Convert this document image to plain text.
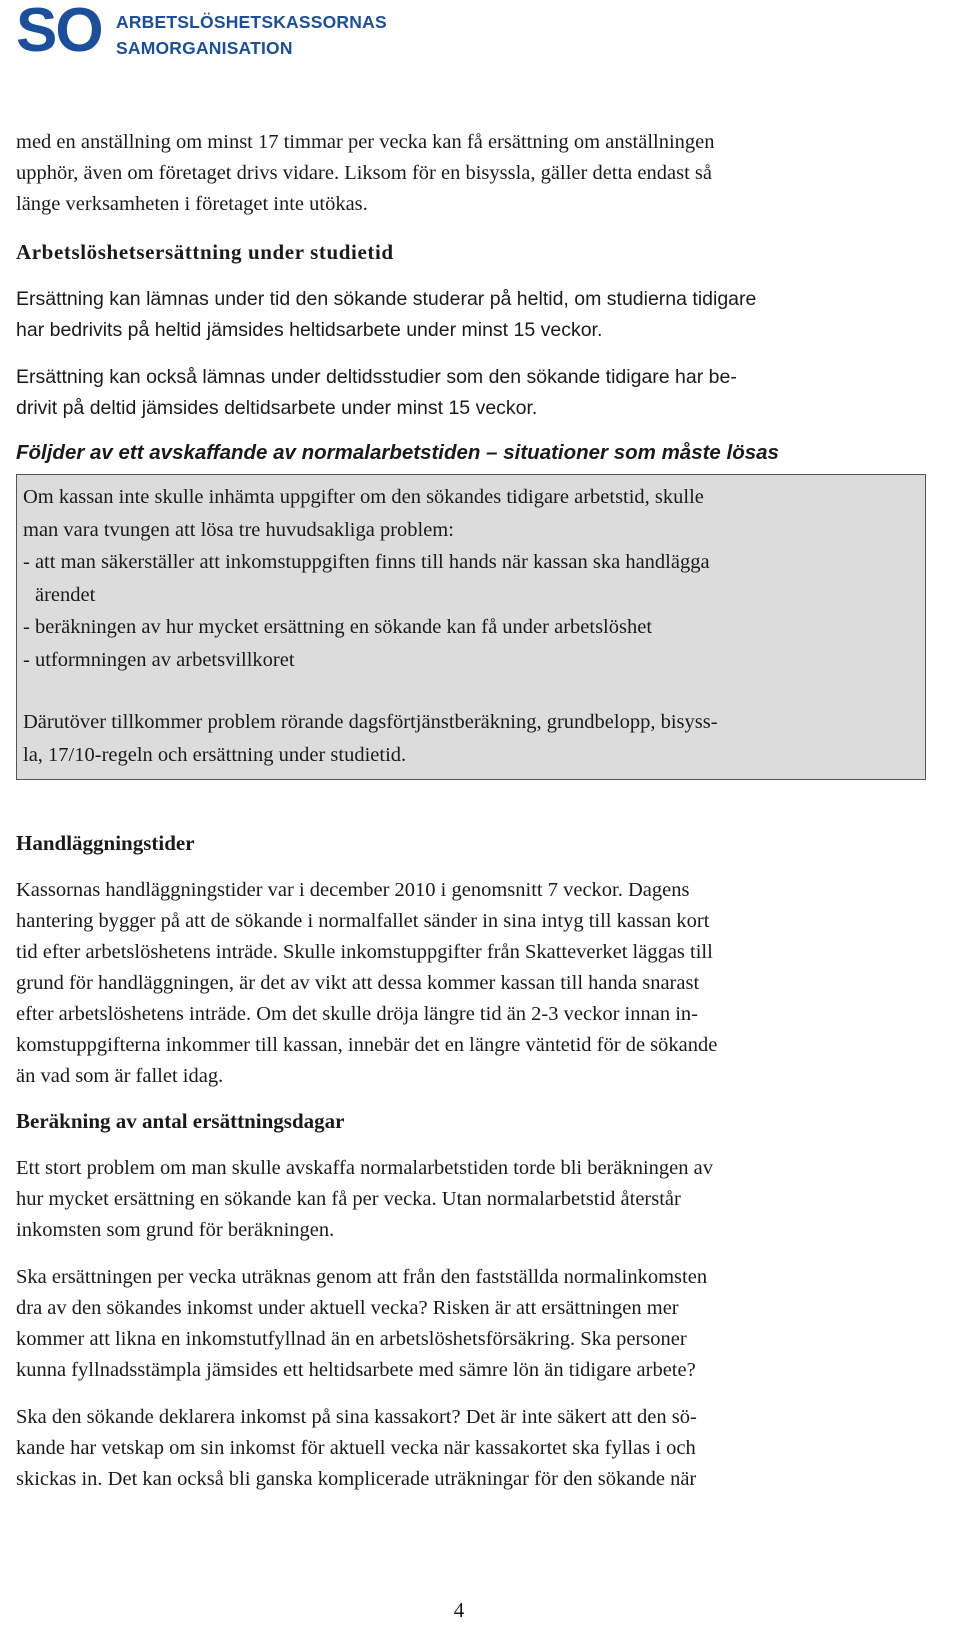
SO ARBETSLÖSHETSKASSORNAS
SAMORGANISATION
med en anställning om minst 17 timmar per vecka kan få ersättning om anställningen
upphör, även om företaget drivs vidare. Liksom för en bisyssla, gäller detta endast så
länge verksamheten i företaget inte utökas.
Arbetslöshetsersättning under studietid
Ersättning kan lämnas under tid den sökande studerar på heltid, om studierna tidigare
har bedrivits på heltid jämsides heltidsarbete under minst 15 veckor.
Ersättning kan också lämnas under deltidsstudier som den sökande tidigare har be-
drivit på deltid jämsides deltidsarbete under minst 15 veckor.
Följder av ett avskaffande av normalarbetstiden – situationer som måste lösas
Om kassan inte skulle inhämta uppgifter om den sökandes tidigare arbetstid, skulle
man vara tvungen att lösa tre huvudsakliga problem:
- att man säkerställer att inkomstuppgiften finns till hands när kassan ska handlägga
ärendet
- beräkningen av hur mycket ersättning en sökande kan få under arbetslöshet
- utformningen av arbetsvillkoret
Därutöver tillkommer problem rörande dagsförtjänstberäkning, grundbelopp, bisyss-
la, 17/10-regeln och ersättning under studietid.
Handläggningstider
Kassornas handläggningstider var i december 2010 i genomsnitt 7 veckor. Dagens
hantering bygger på att de sökande i normalfallet sänder in sina intyg till kassan kort
tid efter arbetslöshetens inträde. Skulle inkomstuppgifter från Skatteverket läggas till
grund för handläggningen, är det av vikt att dessa kommer kassan till handa snarast
efter arbetslöshetens inträde. Om det skulle dröja längre tid än 2-3 veckor innan in-
komstuppgifterna inkommer till kassan, innebär det en längre väntetid för de sökande
än vad som är fallet idag.
Beräkning av antal ersättningsdagar
Ett stort problem om man skulle avskaffa normalarbetstiden torde bli beräkningen av
hur mycket ersättning en sökande kan få per vecka. Utan normalarbetstid återstår
inkomsten som grund för beräkningen.
Ska ersättningen per vecka uträknas genom att från den fastställda normalinkomsten
dra av den sökandes inkomst under aktuell vecka? Risken är att ersättningen mer
kommer att likna en inkomstutfyllnad än en arbetslöshetsförsäkring. Ska personer
kunna fyllnadsstämpla jämsides ett heltidsarbete med sämre lön än tidigare arbete?
Ska den sökande deklarera inkomst på sina kassakort? Det är inte säkert att den sö-
kande har vetskap om sin inkomst för aktuell vecka när kassakortet ska fyllas i och
skickas in. Det kan också bli ganska komplicerade uträkningar för den sökande när
4
